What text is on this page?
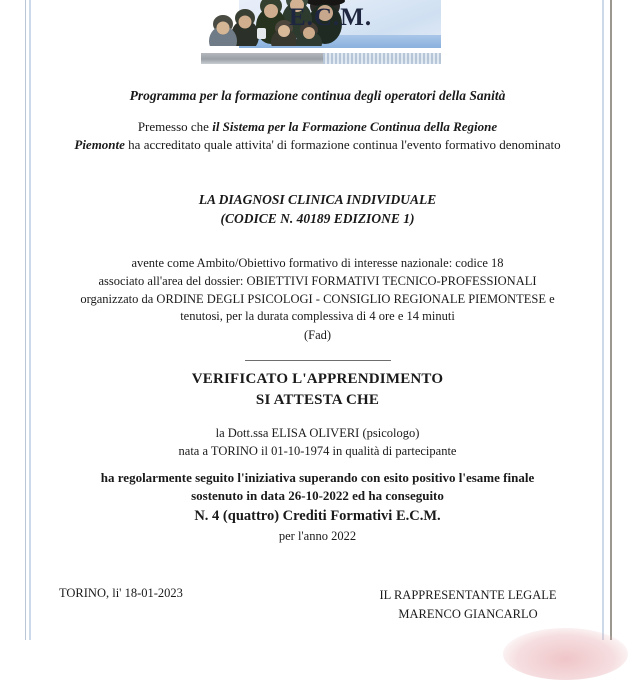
E.C.M.
Programma per la formazione continua degli operatori della Sanità
Premesso che il Sistema per la Formazione Continua della Regione
Piemonte ha accreditato quale attivita' di formazione continua l'evento formativo denominato
LA DIAGNOSI CLINICA INDIVIDUALE
(CODICE N. 40189 EDIZIONE 1)
avente come Ambito/Obiettivo formativo di interesse nazionale: codice 18
associato all'area del dossier: OBIETTIVI FORMATIVI TECNICO-PROFESSIONALI
organizzato da ORDINE DEGLI PSICOLOGI - CONSIGLIO REGIONALE PIEMONTESE e
tenutosi, per la durata complessiva di 4 ore e 14 minuti
(Fad)
VERIFICATO L'APPRENDIMENTO
SI ATTESTA CHE
la Dott.ssa ELISA OLIVERI (psicologo)
nata a TORINO il 01-10-1974 in qualità di partecipante
ha regolarmente seguito l'iniziativa superando con esito positivo l'esame finale
sostenuto in data 26-10-2022 ed ha conseguito
N. 4 (quattro) Crediti Formativi E.C.M.
per l'anno 2022
TORINO, li' 18-01-2023	IL RAPPRESENTANTE LEGALE
MARENCO GIANCARLO
